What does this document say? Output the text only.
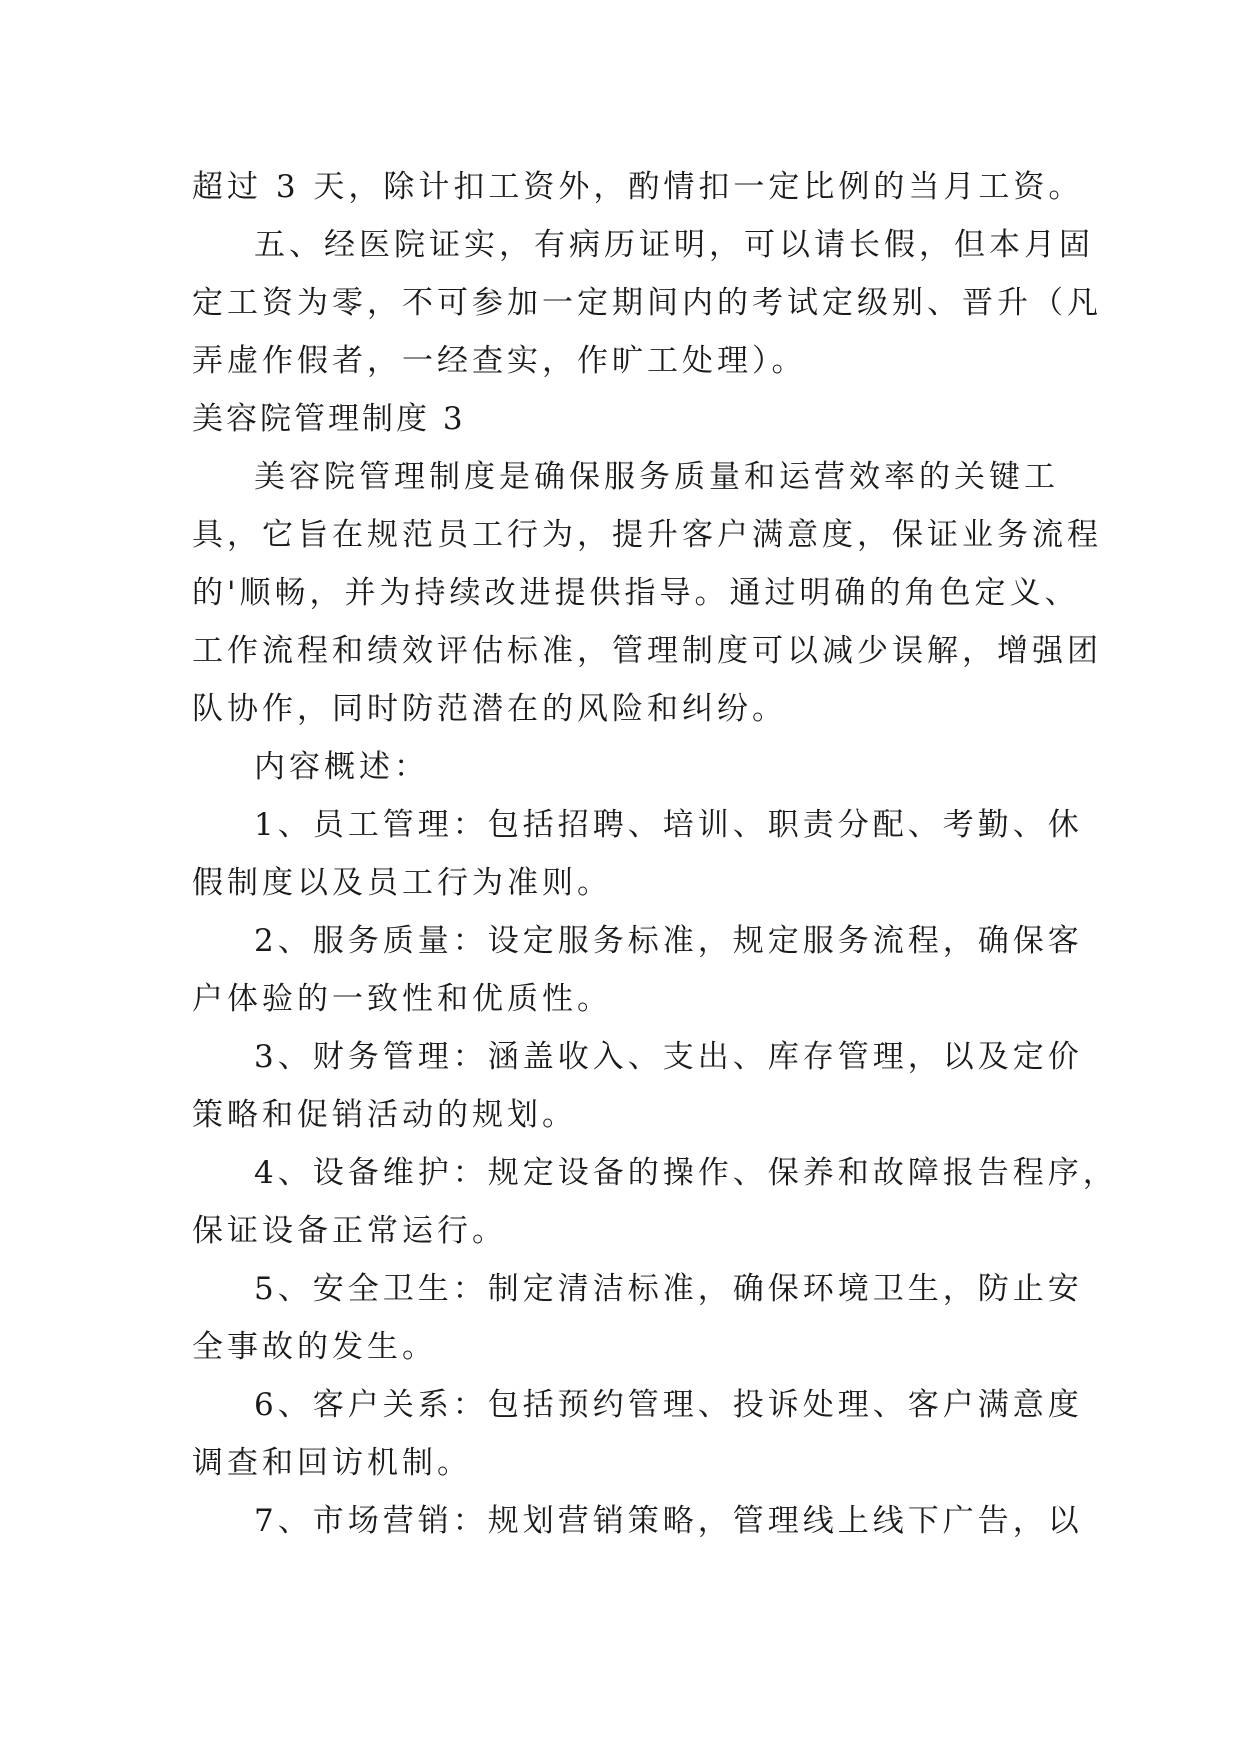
超过 3 天，除计扣工资外，酌情扣一定比例的当月工资。
五、经医院证实，有病历证明，可以请长假，但本月固
定工资为零，不可参加一定期间内的考试定级别、晋升（凡
弄虚作假者，一经查实，作旷工处理）。
美容院管理制度 3
美容院管理制度是确保服务质量和运营效率的关键工
具，它旨在规范员工行为，提升客户满意度，保证业务流程
的'顺畅，并为持续改进提供指导。通过明确的角色定义、
工作流程和绩效评估标准，管理制度可以减少误解，增强团
队协作，同时防范潜在的风险和纠纷。
内容概述：
1、员工管理：包括招聘、培训、职责分配、考勤、休
假制度以及员工行为准则。
2、服务质量：设定服务标准，规定服务流程，确保客
户体验的一致性和优质性。
3、财务管理：涵盖收入、支出、库存管理，以及定价
策略和促销活动的规划。
4、设备维护：规定设备的操作、保养和故障报告程序，
保证设备正常运行。
5、安全卫生：制定清洁标准，确保环境卫生，防止安
全事故的发生。
6、客户关系：包括预约管理、投诉处理、客户满意度
调查和回访机制。
7、市场营销：规划营销策略，管理线上线下广告，以
